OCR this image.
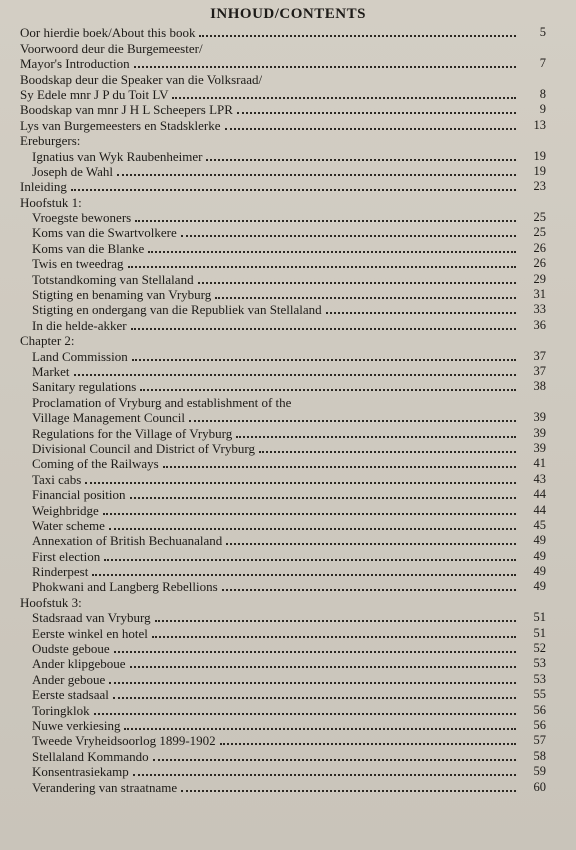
INHOUD/CONTENTS
Oor hierdie boek/About this book	5
Voorwoord deur die Burgemeester/
Mayor's Introduction	7
Boodskap deur die Speaker van die Volksraad/
Sy Edele mnr J P du Toit LV	8
Boodskap van mnr J H L Scheepers LPR	9
Lys van Burgemeesters en Stadsklerke	13
Ereburgers:
Ignatius van Wyk Raubenheimer	19
Joseph de Wahl	19
Inleiding	23
Hoofstuk 1:
Vroegste bewoners	25
Koms van die Swartvolkere	25
Koms van die Blanke	26
Twis en tweedrag	26
Totstandkoming van Stellaland	29
Stigting en benaming van Vryburg	31
Stigting en ondergang van die Republiek van Stellaland	33
In die helde-akker	36
Chapter 2:
Land Commission	37
Market	37
Sanitary regulations	38
Proclamation of Vryburg and establishment of the
Village Management Council	39
Regulations for the Village of Vryburg	39
Divisional Council and District of Vryburg	39
Coming of the Railways	41
Taxi cabs	43
Financial position	44
Weighbridge	44
Water scheme	45
Annexation of British Bechuanaland	49
First election	49
Rinderpest	49
Phokwani and Langberg Rebellions	49
Hoofstuk 3:
Stadsraad van Vryburg	51
Eerste winkel en hotel	51
Oudste geboue	52
Ander klipgeboue	53
Ander geboue	53
Eerste stadsaal	55
Toringklok	56
Nuwe verkiesing	56
Tweede Vryheidsoorlog 1899-1902	57
Stellaland Kommando	58
Konsentrasiekamp	59
Verandering van straatname	60
